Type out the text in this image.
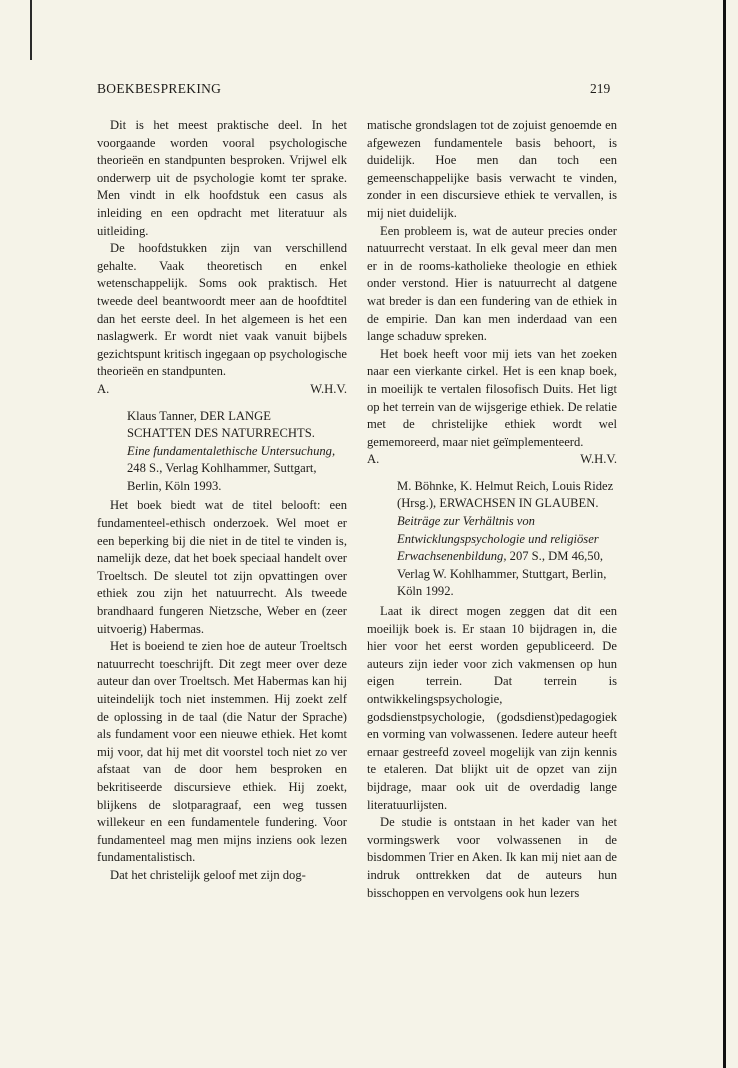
BOEKBESPREKING	219

Dit is het meest praktische deel. In het voorgaande worden vooral psychologische theorieën en standpunten besproken. Vrijwel elk onderwerp uit de psychologie komt ter sprake. Men vindt in elk hoofdstuk een casus als inleiding en een opdracht met literatuur als uitleiding.

De hoofdstukken zijn van verschillend gehalte. Vaak theoretisch en enkel wetenschappelijk. Soms ook praktisch. Het tweede deel beantwoordt meer aan de hoofdtitel dan het eerste deel. In het algemeen is het een naslagwerk. Er wordt niet vaak vanuit bijbels gezichtspunt kritisch ingegaan op psychologische theorieën en standpunten.

A.	W.H.V.
Klaus Tanner, DER LANGE
SCHATTEN DES NATURRECHTS.
Eine fundamentalethische Untersuchung, 248 S., Verlag Kohlhammer, Suttgart, Berlin, Köln 1993.

Het boek biedt wat de titel belooft: een fundamenteel-ethisch onderzoek. Wel moet er een beperking bij die niet in de titel te vinden is, namelijk deze, dat het boek speciaal handelt over Troeltsch. De sleutel tot zijn opvattingen over ethiek zou zijn het natuurrecht. Als tweede brandhaard fungeren Nietzsche, Weber en (zeer uitvoerig) Habermas.

Het is boeiend te zien hoe de auteur Troeltsch natuurrecht toeschrijft. Dit zegt meer over deze auteur dan over Troeltsch. Met Habermas kan hij uiteindelijk toch niet instemmen. Hij zoekt zelf de oplossing in de taal (die Natur der Sprache) als fundament voor een nieuwe ethiek. Het komt mij voor, dat hij met dit voorstel toch niet zo ver afstaat van de door hem besproken en bekritiseerde discursieve ethiek. Hij zoekt, blijkens de slotparagraaf, een weg tussen willekeur en een fundamentele fundering. Voor fundamenteel mag men mijns inziens ook lezen fundamentalistisch.

Dat het christelijk geloof met zijn dog-

matische grondslagen tot de zojuist genoemde en afgewezen fundamentele basis behoort, is duidelijk. Hoe men dan toch een gemeenschappelijke basis verwacht te vinden, zonder in een discursieve ethiek te vervallen, is mij niet duidelijk.

Een probleem is, wat de auteur precies onder natuurrecht verstaat. In elk geval meer dan men er in de rooms-katholieke theologie en ethiek onder verstond. Hier is natuurrecht al datgene wat breder is dan een fundering van de ethiek in de empirie. Dan kan men inderdaad van een lange schaduw spreken.

Het boek heeft voor mij iets van het zoeken naar een vierkante cirkel. Het is een knap boek, in moeilijk te vertalen filosofisch Duits. Het ligt op het terrein van de wijsgerige ethiek. De relatie met de christelijke ethiek wordt wel gememoreerd, maar niet geïmplementeerd.

A.	W.H.V.
M. Böhnke, K. Helmut Reich, Louis Ridez (Hrsg.), ERWACHSEN IN GLAUBEN. Beiträge zur Verhältnis von Entwicklungspsychologie und religiöser Erwachsenenbildung, 207 S., DM 46,50, Verlag W. Kohlhammer, Stuttgart, Berlin, Köln 1992.

Laat ik direct mogen zeggen dat dit een moeilijk boek is. Er staan 10 bijdragen in, die hier voor het eerst worden gepubliceerd. De auteurs zijn ieder voor zich vakmensen op hun eigen terrein. Dat terrein is ontwikkelingspsychologie, godsdienstpsychologie, (godsdienst)pedagogiek en vorming van volwassenen. Iedere auteur heeft ernaar gestreefd zoveel mogelijk van zijn kennis te etaleren. Dat blijkt uit de opzet van zijn bijdrage, maar ook uit de overdadig lange literatuurlijsten.

De studie is ontstaan in het kader van het vormingswerk voor volwassenen in de bisdommen Trier en Aken. Ik kan mij niet aan de indruk onttrekken dat de auteurs hun bisschoppen en vervolgens ook hun lezers
